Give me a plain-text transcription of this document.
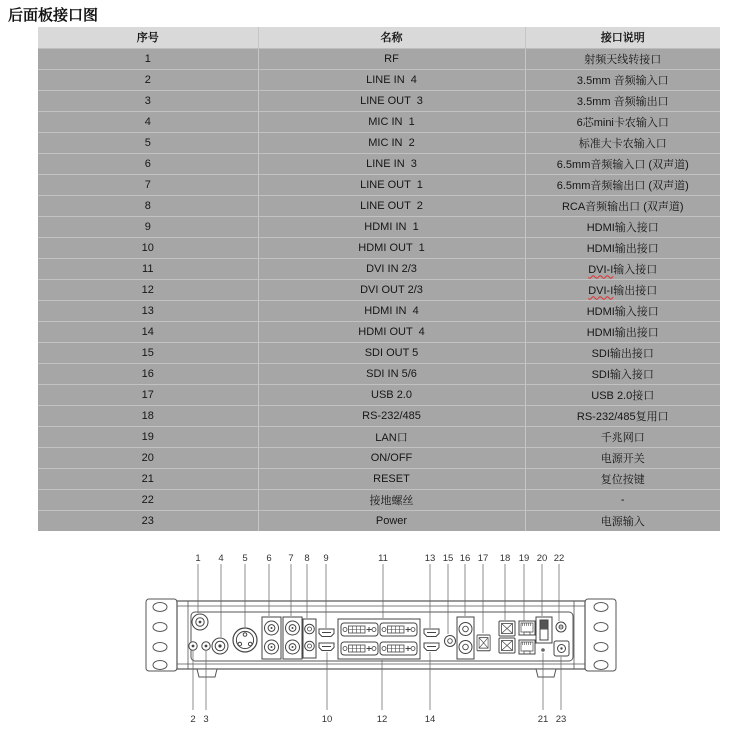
后面板接口图
序号	名称	接口说明
1	RF	射频天线转接口
2	LINE IN  4	3.5mm 音频输入口
3	LINE OUT  3	3.5mm 音频输出口
4	MIC IN  1	6芯mini卡农输入口
5	MIC IN  2	标准大卡农输入口
6	LINE IN  3	6.5mm音频输入口 (双声道)
7	LINE OUT  1	6.5mm音频输出口 (双声道)
8	LINE OUT  2	RCA音频输出口 (双声道)
9	HDMI IN  1	HDMI输入接口
10	HDMI OUT  1	HDMI输出接口
11	DVI IN 2/3	DVI-I输入接口
12	DVI OUT 2/3	DVI-I输出接口
13	HDMI IN  4	HDMI输入接口
14	HDMI OUT  4	HDMI输出接口
15	SDI OUT 5	SDI输出接口
16	SDI IN 5/6	SDI输入接口
17	USB 2.0	USB 2.0接口
18	RS-232/485	RS-232/485复用口
19	LAN口	千兆网口
20	ON/OFF	电源开关
21	RESET	复位按键
22	接地螺丝	-
23	Power	电源输入
1 4 5 6 7 8 9	11	13 15 16 17 18 19 20 22
2 3	10	12	14	21 23
